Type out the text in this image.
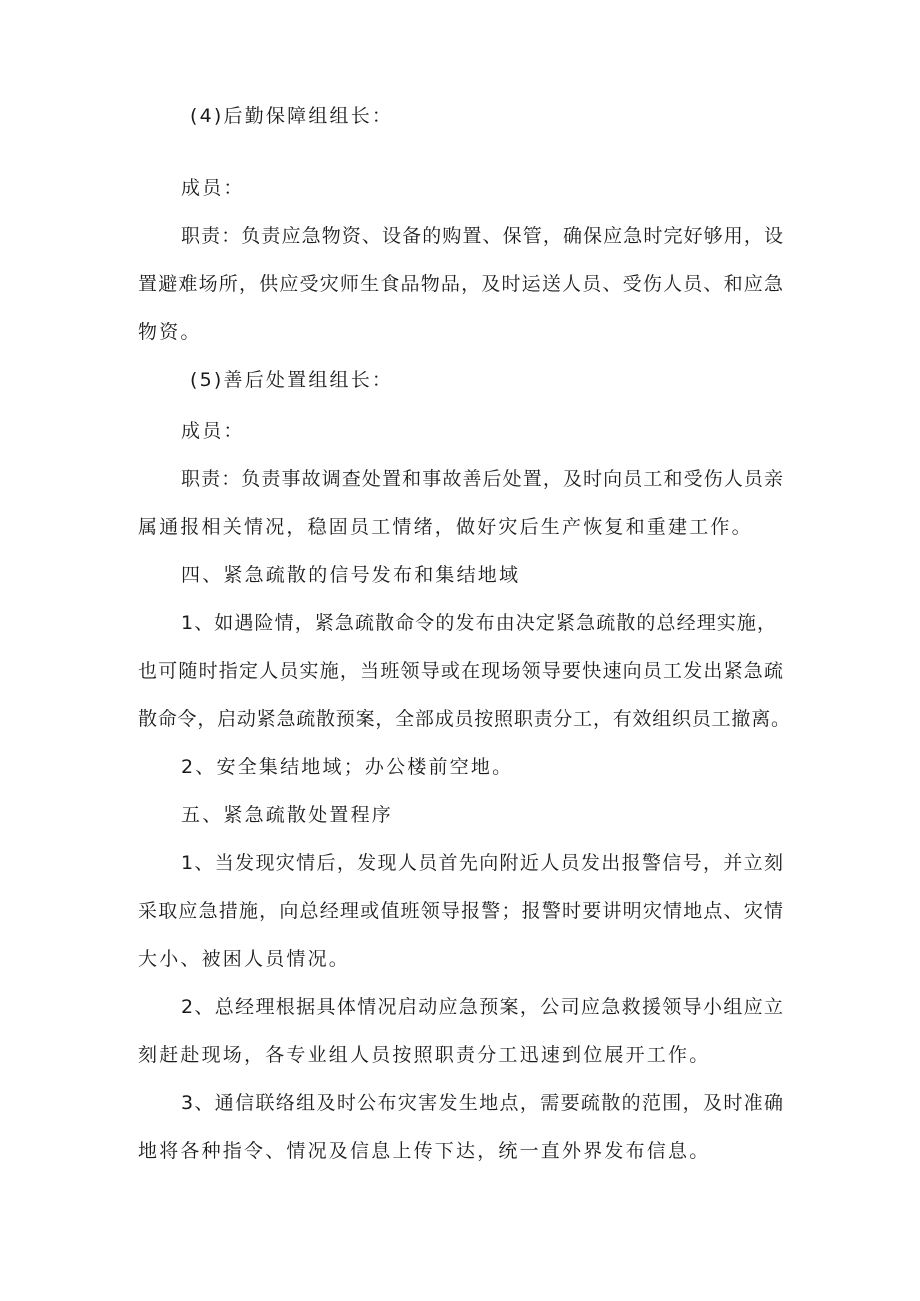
(4)后勤保障组组长：
成员：
职责：负责应急物资、设备的购置、保管，确保应急时完好够用，设
置避难场所，供应受灾师生食品物品，及时运送人员、受伤人员、和应急
物资。
(5)善后处置组组长：
成员：
职责：负责事故调查处置和事故善后处置，及时向员工和受伤人员亲
属通报相关情况，稳固员工情绪，做好灾后生产恢复和重建工作。
四、紧急疏散的信号发布和集结地域
1、如遇险情，紧急疏散命令的发布由决定紧急疏散的总经理实施，
也可随时指定人员实施，当班领导或在现场领导要快速向员工发出紧急疏
散命令，启动紧急疏散预案，全部成员按照职责分工，有效组织员工撤离。
2、安全集结地域；办公楼前空地。
五、紧急疏散处置程序
1、当发现灾情后，发现人员首先向附近人员发出报警信号，并立刻
采取应急措施，向总经理或值班领导报警；报警时要讲明灾情地点、灾情
大小、被困人员情况。
2、总经理根据具体情况启动应急预案，公司应急救援领导小组应立
刻赶赴现场，各专业组人员按照职责分工迅速到位展开工作。
3、通信联络组及时公布灾害发生地点，需要疏散的范围，及时准确
地将各种指令、情况及信息上传下达，统一直外界发布信息。
